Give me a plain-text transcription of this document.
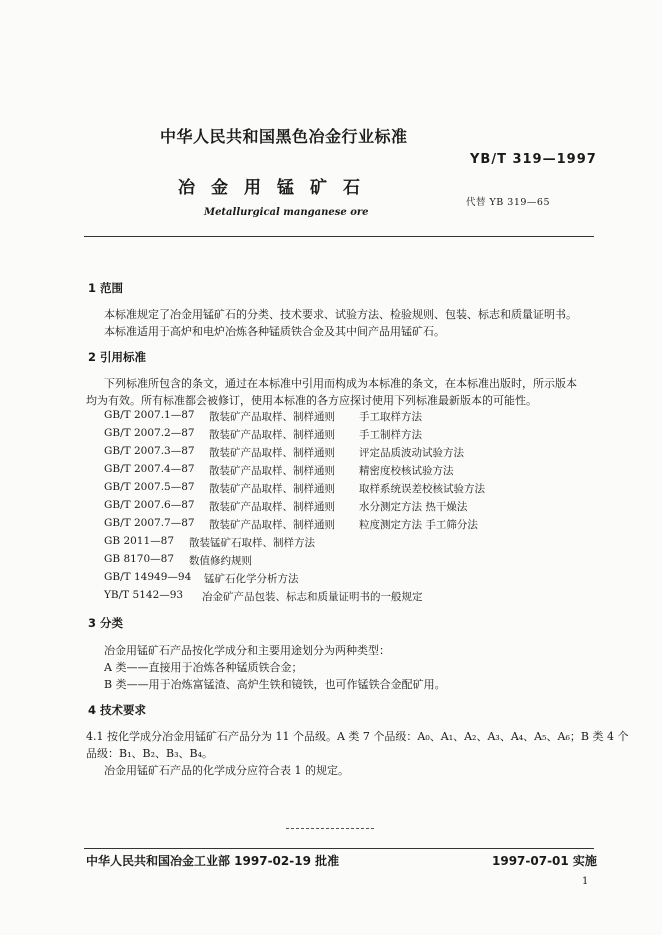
中华人民共和国黑色冶金行业标准
YB/T 319—1997
冶金用锰矿石
代替 YB 319—65
Metallurgical manganese ore
1 范围
本标准规定了冶金用锰矿石的分类、技术要求、试验方法、检验规则、包装、标志和质量证明书。
本标准适用于高炉和电炉冶炼各种锰质铁合金及其中间产品用锰矿石。
2 引用标准
下列标准所包含的条文，通过在本标准中引用而构成为本标准的条文，在本标准出版时，所示版本
均为有效。所有标准都会被修订，使用本标准的各方应探讨使用下列标准最新版本的可能性。
GB/T 2007.1—87 散装矿产品取样、制样通则 手工取样方法
GB/T 2007.2—87 散装矿产品取样、制样通则 手工制样方法
GB/T 2007.3—87 散装矿产品取样、制样通则 评定品质波动试验方法
GB/T 2007.4—87 散装矿产品取样、制样通则 精密度校核试验方法
GB/T 2007.5—87 散装矿产品取样、制样通则 取样系统误差校核试验方法
GB/T 2007.6—87 散装矿产品取样、制样通则 水分测定方法 热干燥法
GB/T 2007.7—87 散装矿产品取样、制样通则 粒度测定方法 手工筛分法
GB 2011—87 散装锰矿石取样、制样方法
GB 8170—87 数值修约规则
GB/T 14949—94 锰矿石化学分析方法
YB/T 5142—93 冶金矿产品包装、标志和质量证明书的一般规定
3 分类
冶金用锰矿石产品按化学成分和主要用途划分为两种类型：
A 类——直接用于冶炼各种锰质铁合金；
B 类——用于冶炼富锰渣、高炉生铁和镜铁，也可作锰铁合金配矿用。
4 技术要求
4.1 按化学成分冶金用锰矿石产品分为 11 个品级。A 类 7 个品级：A₀、A₁、A₂、A₃、A₄、A₅、A₆；B 类 4 个
品级：B₁、B₂、B₃、B₄。
冶金用锰矿石产品的化学成分应符合表 1 的规定。
中华人民共和国冶金工业部 1997-02-19 批准	1997-07-01 实施
1
